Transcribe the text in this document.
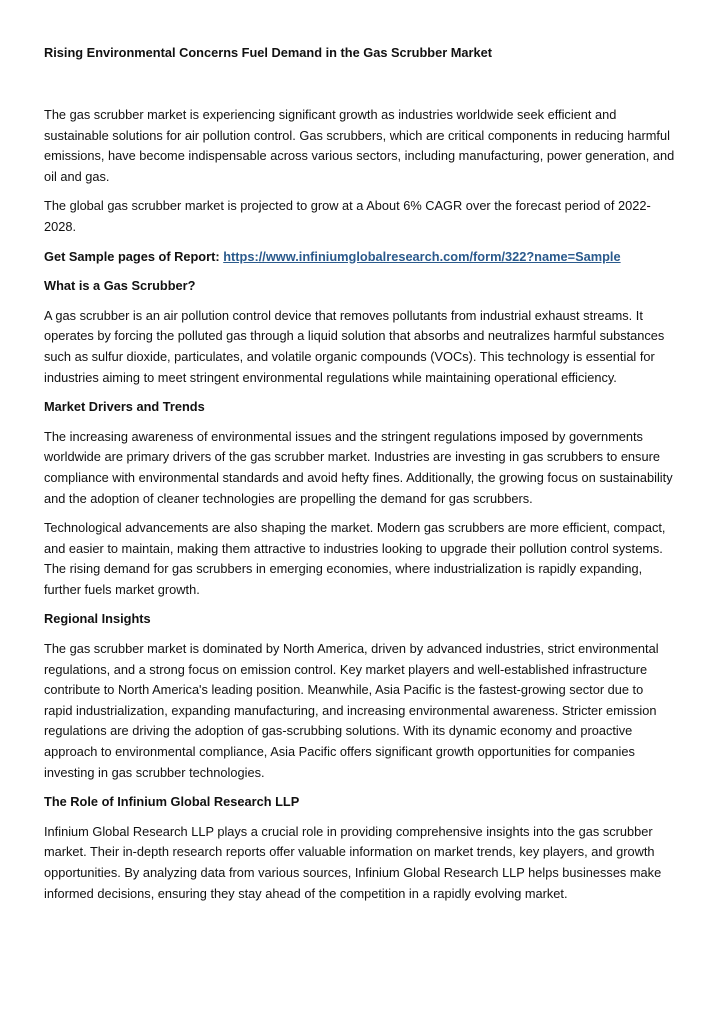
Rising Environmental Concerns Fuel Demand in the Gas Scrubber Market

The gas scrubber market is experiencing significant growth as industries worldwide seek efficient and sustainable solutions for air pollution control. Gas scrubbers, which are critical components in reducing harmful emissions, have become indispensable across various sectors, including manufacturing, power generation, and oil and gas.

The global gas scrubber market is projected to grow at a About 6% CAGR over the forecast period of 2022-2028.

Get Sample pages of Report: https://www.infiniumglobalresearch.com/form/322?name=Sample

What is a Gas Scrubber?

A gas scrubber is an air pollution control device that removes pollutants from industrial exhaust streams. It operates by forcing the polluted gas through a liquid solution that absorbs and neutralizes harmful substances such as sulfur dioxide, particulates, and volatile organic compounds (VOCs). This technology is essential for industries aiming to meet stringent environmental regulations while maintaining operational efficiency.

Market Drivers and Trends

The increasing awareness of environmental issues and the stringent regulations imposed by governments worldwide are primary drivers of the gas scrubber market. Industries are investing in gas scrubbers to ensure compliance with environmental standards and avoid hefty fines. Additionally, the growing focus on sustainability and the adoption of cleaner technologies are propelling the demand for gas scrubbers.

Technological advancements are also shaping the market. Modern gas scrubbers are more efficient, compact, and easier to maintain, making them attractive to industries looking to upgrade their pollution control systems. The rising demand for gas scrubbers in emerging economies, where industrialization is rapidly expanding, further fuels market growth.

Regional Insights

The gas scrubber market is dominated by North America, driven by advanced industries, strict environmental regulations, and a strong focus on emission control. Key market players and well-established infrastructure contribute to North America's leading position. Meanwhile, Asia Pacific is the fastest-growing sector due to rapid industrialization, expanding manufacturing, and increasing environmental awareness. Stricter emission regulations are driving the adoption of gas-scrubbing solutions. With its dynamic economy and proactive approach to environmental compliance, Asia Pacific offers significant growth opportunities for companies investing in gas scrubber technologies.

The Role of Infinium Global Research LLP

Infinium Global Research LLP plays a crucial role in providing comprehensive insights into the gas scrubber market. Their in-depth research reports offer valuable information on market trends, key players, and growth opportunities. By analyzing data from various sources, Infinium Global Research LLP helps businesses make informed decisions, ensuring they stay ahead of the competition in a rapidly evolving market.
